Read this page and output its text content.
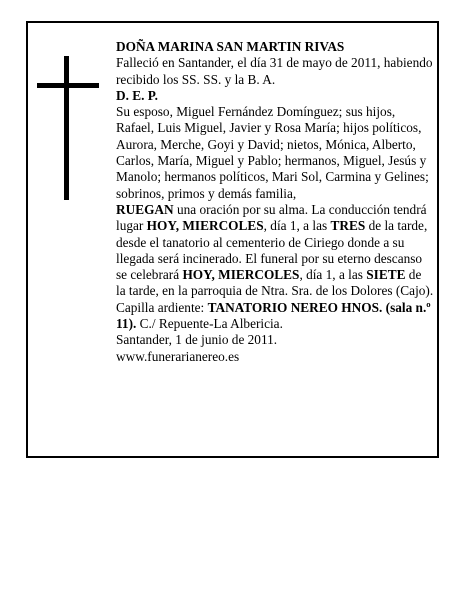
DOÑA MARINA SAN MARTIN RIVAS

Falleció en Santander, el día 31 de mayo de 2011, habiendo recibido los SS. SS. y la B. A.

D. E. P.

Su esposo, Miguel Fernández Domínguez; sus hijos, Rafael, Luis Miguel, Javier y Rosa María; hijos políticos, Aurora, Merche, Goyi y David; nietos, Mónica, Alberto, Carlos, María, Miguel y Pablo; hermanos, Miguel, Jesús y Manolo; hermanos políticos, Mari Sol, Carmina y Gelines; sobrinos, primos y demás familia,

RUEGAN una oración por su alma. La conducción tendrá lugar HOY, MIERCOLES, día 1, a las TRES de la tarde, desde el tanatorio al cementerio de Ciriego donde a su llegada será incinerado. El funeral por su eterno descanso se celebrará HOY, MIERCOLES, día 1, a las SIETE de la tarde, en la parroquia de Ntra. Sra. de los Dolores (Cajo). Capilla ardiente: TANATORIO NEREO HNOS. (sala n.º 11). C./ Repuente-La Albericia.

Santander, 1 de junio de 2011.

www.funerarianereo.es
